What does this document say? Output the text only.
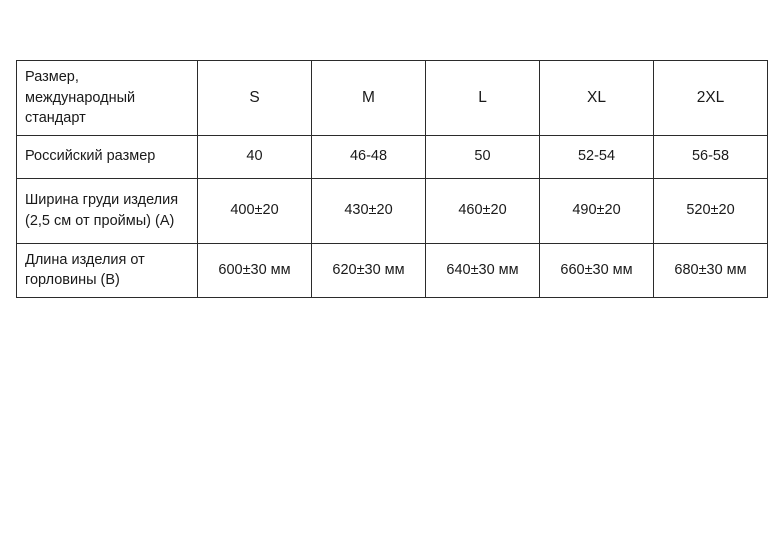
Размер, международный стандарт	S	M	L	XL	2XL
Российский размер	40	46-48	50	52-54	56-58
Ширина груди изделия (2,5 см от проймы) (A)	400±20	430±20	460±20	490±20	520±20
Длина изделия от горловины (B)	600±30 мм	620±30 мм	640±30 мм	660±30 мм	680±30 мм
